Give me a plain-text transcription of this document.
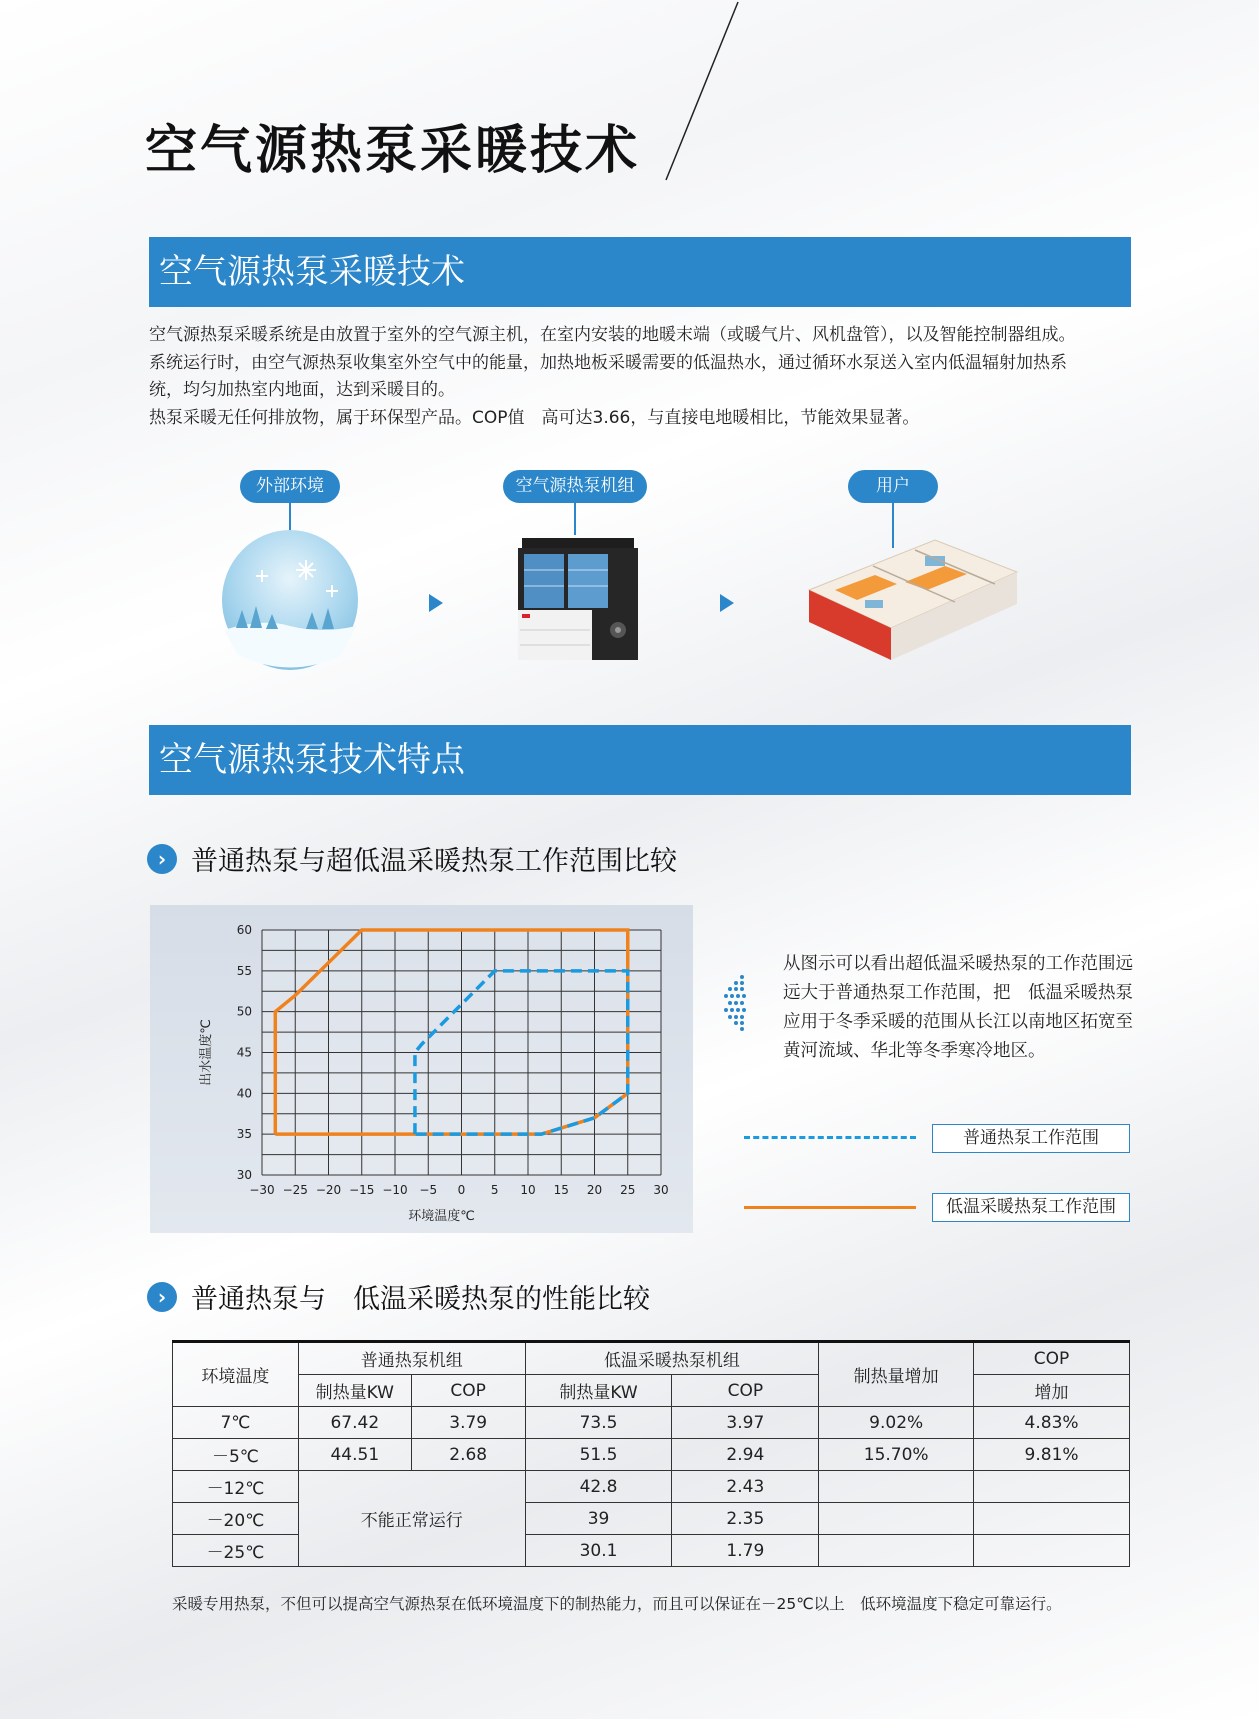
空气源热泵采暖技术
空气源热泵采暖技术

空气源热泵采暖系统是由放置于室外的空气源主机，在室内安装的地暖末端（或暖气片、风机盘管），以及智能控制器组成。

系统运行时，由空气源热泵收集室外空气中的能量，加热地板采暖需要的低温热水，通过循环水泵送入室内低温辐射加热系

统，均匀加热室内地面，达到采暖目的。

热泵采暖无任何排放物，属于环保型产品。COP值　高可达3.66，与直接电地暖相比，节能效果显著。

外部环境	空气源热泵机组	用户
空气源热泵技术特点
› 普通热泵与超低温采暖热泵工作范围比较
−30 −25 −20 −15 −10 −5 0 5 10 15 20 25 30
30
35
40
45
50
55
60
环境温度℃
出水温度℃
从图示可以看出超低温采暖热泵的工作范围远
远大于普通热泵工作范围，把　低温采暖热泵
应用于冬季采暖的范围从长江以南地区拓宽至
黄河流域、华北等冬季寒冷地区。
普通热泵工作范围
低温采暖热泵工作范围
› 普通热泵与　低温采暖热泵的性能比较
环境温度	普通热泵机组		低温采暖热泵机组		制热量增加	COP
	制热量KW	COP	制热量KW	COP		增加
7℃	67.42	3.79	73.5	3.97	9.02%	4.83%
－5℃	44.51	2.68	51.5	2.94	15.70%	9.81%
－12℃	不能正常运行		42.8	2.43		
－20℃			39	2.35		
－25℃			30.1	1.79		
采暖专用热泵，不但可以提高空气源热泵在低环境温度下的制热能力，而且可以保证在－25℃以上　低环境温度下稳定可靠运行。
